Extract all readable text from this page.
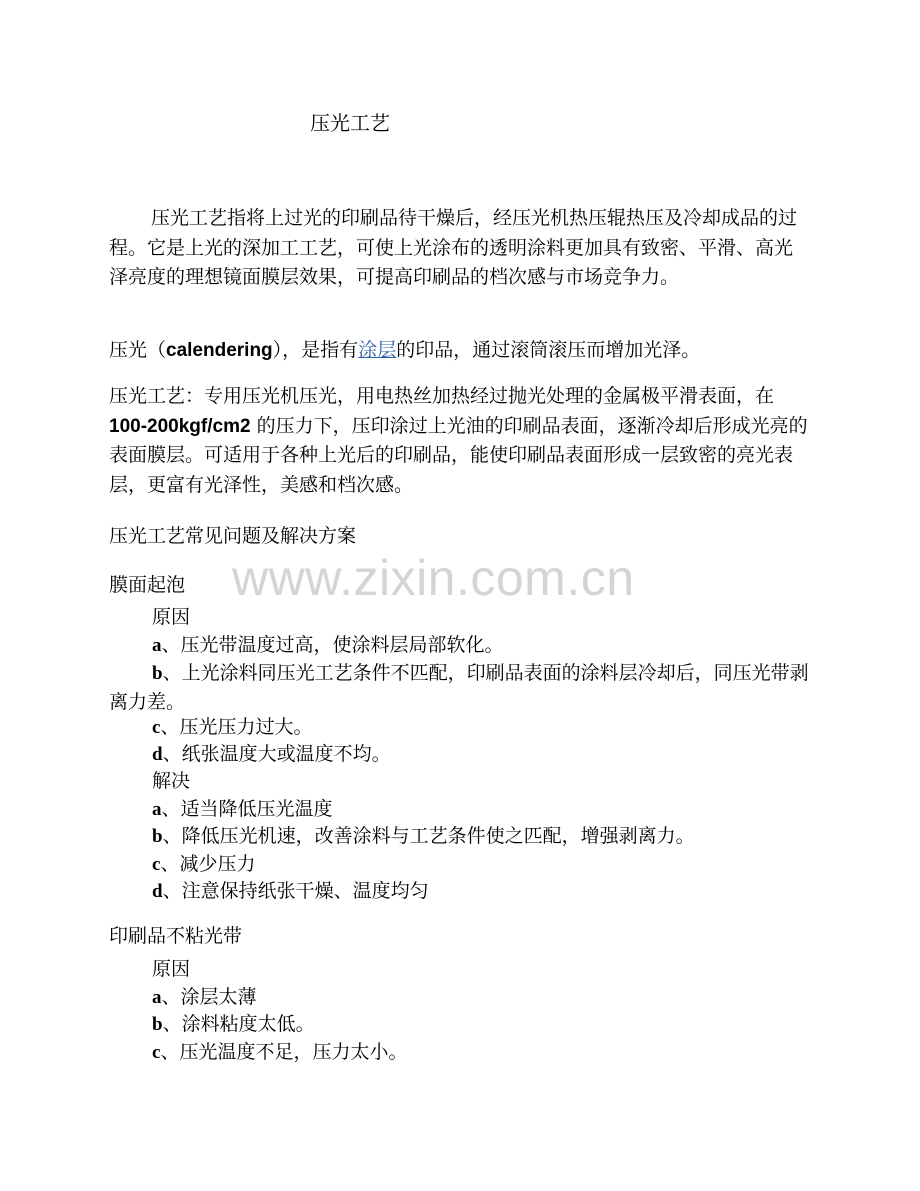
压光工艺

压光工艺指将上过光的印刷品待干燥后，经压光机热压辊热压及冷却成品的过程。它是上光的深加工工艺，可使上光涂布的透明涂料更加具有致密、平滑、高光泽亮度的理想镜面膜层效果，可提高印刷品的档次感与市场竞争力。

压光（calendering），是指有涂层的印品，通过滚筒滚压而增加光泽。

压光工艺：专用压光机压光，用电热丝加热经过抛光处理的金属极平滑表面，在 100-200kgf/cm2 的压力下，压印涂过上光油的印刷品表面，逐渐冷却后形成光亮的表面膜层。可适用于各种上光后的印刷品，能使印刷品表面形成一层致密的亮光表层，更富有光泽性，美感和档次感。

压光工艺常见问题及解决方案
膜面起泡
原因
a、压光带温度过高，使涂料层局部软化。

b、上光涂料同压光工艺条件不匹配，印刷品表面的涂料层冷却后，同压光带剥离力差。

c、压光压力过大。
d、纸张温度大或温度不均。
解决
a、适当降低压光温度
b、降低压光机速，改善涂料与工艺条件使之匹配，增强剥离力。
c、减少压力
d、注意保持纸张干燥、温度均匀
印刷品不粘光带
原因
a、涂层太薄
b、涂料粘度太低。
c、压光温度不足，压力太小。
www.zixin.com.cn
